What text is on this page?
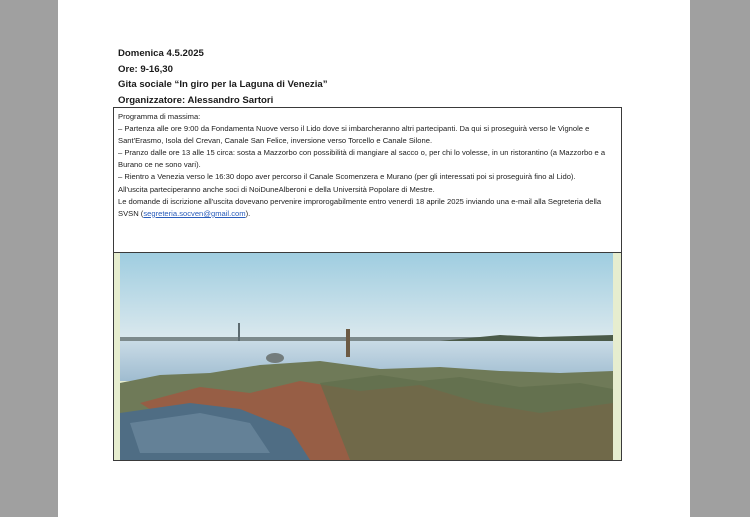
Domenica 4.5.2025
Ore: 9-16,30
Gita sociale “In giro per la Laguna di Venezia”
Organizzatore: Alessandro Sartori

Programma di massima:

– Partenza alle ore 9:00 da Fondamenta Nuove verso il Lido dove si imbarcheranno altri partecipanti. Da qui si proseguirà verso le Vignole e Sant'Erasmo, Isola del Crevan, Canale San Felice, inversione verso Torcello e Canale Silone.

– Pranzo dalle ore 13 alle 15 circa: sosta a Mazzorbo con possibilità di mangiare al sacco o, per chi lo volesse, in un ristorantino (a Mazzorbo e a Burano ce ne sono vari).

– Rientro a Venezia verso le 16:30 dopo aver percorso il Canale Scomenzera e Murano (per gli interessati poi si proseguirà fino al Lido).

All'uscita parteciperanno anche soci di NoiDuneAlberoni e della Università Popolare di Mestre.

Le domande di iscrizione all'uscita dovevano pervenire improrogabilmente entro venerdì 18 aprile 2025 inviando una e-mail alla Segreteria della SVSN (segreteria.socven@gmail.com).
